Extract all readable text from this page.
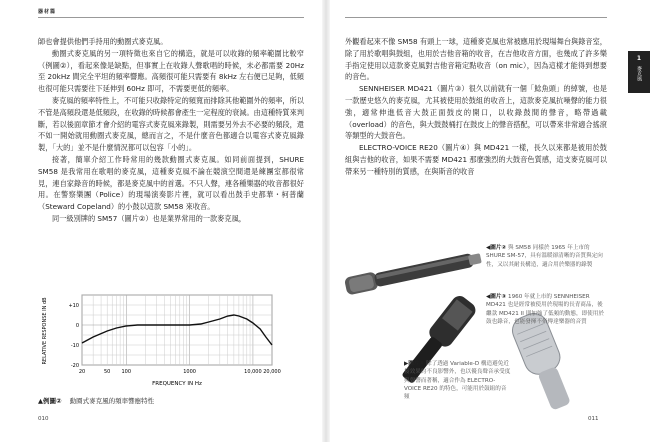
器材篇

師也會提供他們手持用的動圈式麥克風。

動圈式麥克風的另一項特徵也來自它的構造，就是可以收錄的頻率範圍比較窄（例圖②），看起來像是缺點，但事實上在收錄人聲歌唱的時候，未必都需要 20Hz 至 20kHz 間完全平坦的頻率響應。高頻很可能只需要有 8kHz 左右便已足夠，低頻也很可能只需要往下延伸到 60Hz 即可，不需要更低的頻率。

麥克風的頻率特性上，不可能只收錄特定的頻寬而排除其他範圍外的頻率，所以不管是高頻段還是低頻段，在收錄的時候都會產生一定程度的衰減。由這種特質來判斷，若以後面章節才會介紹的電容式麥克風來錄製，則需要另外去不必要的頻段，還不如一開始就用動圈式麥克風，總而言之，不是什麼音色都適合以電容式麥克風錄製，「大的」並不是什麼情況都可以包容「小的」。

接著，簡單介紹工作時常用的幾款動圈式麥克風。如同前面提到，SHURE SM58 是我常用在歌唱的麥克風，這種麥克風不論在競演空間還是練團室都很常見，連自家錄音的時候，都是麥克風中的首選。不只人聲，連各種樂器的收音都很好用。在警察樂團（Police）的現場演奏影片裡，就可以看出鼓手史都華・柯普蘭（Steward Copeland）的小鼓以這款 SM58 來收音。

同一級別牌的 SM57（圖片②）也是業界常用的一款麥克風，

+10
0
-10
-20
20	50 100	1000	10,000 20,000
RELATIVE RESPONSE IN dB
FREQUENCY IN Hz
▲例圖② 動圈式麥克風的頻率響應特性
010

外觀看起來不像 SM58 有頭上一球，這種麥克風也常被應用於現場舞台與錄音室，除了用於歌唱與鼓組，也用於吉他音箱的收音，在吉他收音方面，也幾成了許多樂手指定使用以這款麥克風對吉他音箱定點收音（on mic），因為這樣才能得到想要的音色。

SENNHEISER MD421（圖片③）很久以前就有一個「鯰魚頭」的綽號，也是一款歷史悠久的麥克風，尤其被使用於鼓組的收音上，這款麥克風抗噪聲的能力很強，適常伸進低音大鼓正面鼓皮的開口，以收錄鼓間的聲音，略帶過載（overload）的音色，與大鼓鼓桶打在鼓皮上的聲音搭配，可以帶來非常適合搖滾等類型的大鼓音色。

ELECTRO-VOICE RE20（圖片④）與 MD421 一樣，長久以來都是被用於鼓組與吉他的收音，如果不需要 MD421 那麼強烈的大鼓音色質感，這支麥克風可以帶來另一種特別的質感，在與斯音的收音

1
麥克風
◀圖片② 與 SM58 同樣於 1965 年上市的 SHURE SM-57，具有溫暖卻清晰的音質與定向性，又以其耐長構造，適合用於樂器的錄製
◀圖片③ 1960 年就上市的 SENNHEISER MD421 也是經常被使用於現場的長青商品，後繼款 MD421 II 則加強了低頻的動態，即使用於鼓也錄音，也能發揮不俗傳達樂器的音質
▶圖片④ 除了透過 Variable-D 構造避免近接效果的不良影響外，也以優良聲音承受度與聲響而著稱，適合作為 ELECTRO-VOICE RE20 的特色，可能用於鼓組的音頻
011
